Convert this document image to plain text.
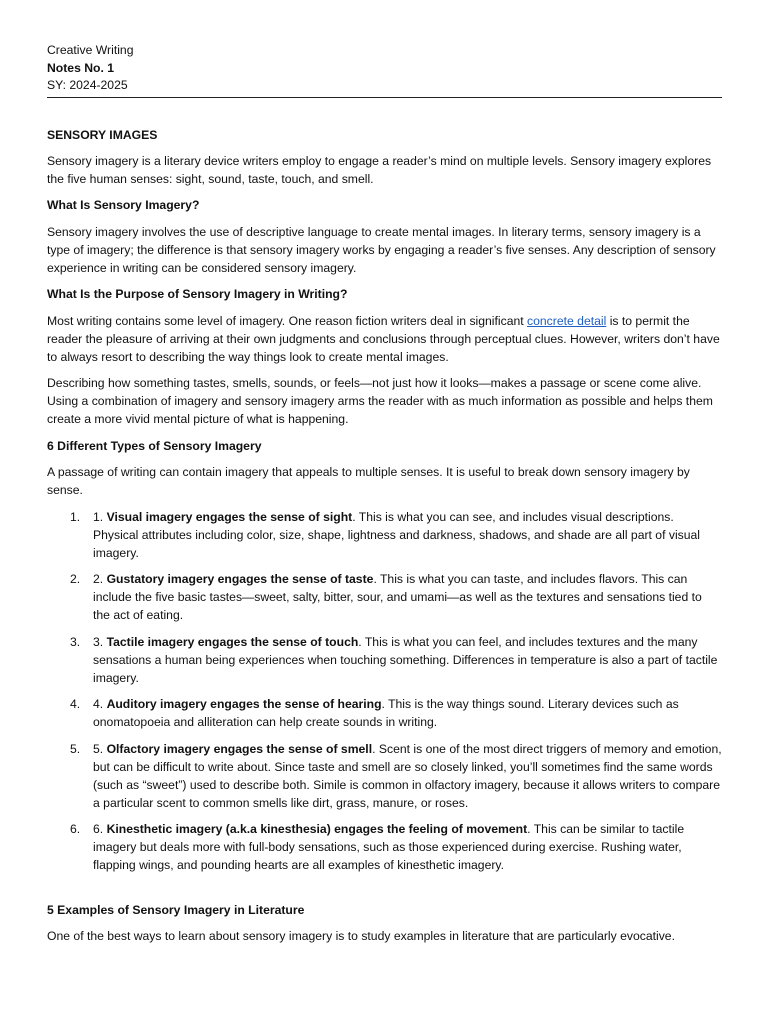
Creative Writing

Notes No. 1

SY: 2024-2025

SENSORY IMAGES

Sensory imagery is a literary device writers employ to engage a reader’s mind on multiple levels. Sensory imagery explores the five human senses: sight, sound, taste, touch, and smell.

What Is Sensory Imagery?

Sensory imagery involves the use of descriptive language to create mental images. In literary terms, sensory imagery is a type of imagery; the difference is that sensory imagery works by engaging a reader’s five senses. Any description of sensory experience in writing can be considered sensory imagery.

What Is the Purpose of Sensory Imagery in Writing?

Most writing contains some level of imagery. One reason fiction writers deal in significant concrete detail is to permit the reader the pleasure of arriving at their own judgments and conclusions through perceptual clues. However, writers don’t have to always resort to describing the way things look to create mental images.

Describing how something tastes, smells, sounds, or feels—not just how it looks—makes a passage or scene come alive. Using a combination of imagery and sensory imagery arms the reader with as much information as possible and helps them create a more vivid mental picture of what is happening.

6 Different Types of Sensory Imagery

A passage of writing can contain imagery that appeals to multiple senses. It is useful to break down sensory imagery by sense.

1. 1. Visual imagery engages the sense of sight. This is what you can see, and includes visual descriptions. Physical attributes including color, size, shape, lightness and darkness, shadows, and shade are all part of visual imagery.
2. 2. Gustatory imagery engages the sense of taste. This is what you can taste, and includes flavors. This can include the five basic tastes—sweet, salty, bitter, sour, and umami—as well as the textures and sensations tied to the act of eating.
3. 3. Tactile imagery engages the sense of touch. This is what you can feel, and includes textures and the many sensations a human being experiences when touching something. Differences in temperature is also a part of tactile imagery.
4. 4. Auditory imagery engages the sense of hearing. This is the way things sound. Literary devices such as onomatopoeia and alliteration can help create sounds in writing.
5. 5. Olfactory imagery engages the sense of smell. Scent is one of the most direct triggers of memory and emotion, but can be difficult to write about. Since taste and smell are so closely linked, you’ll sometimes find the same words (such as “sweet”) used to describe both. Simile is common in olfactory imagery, because it allows writers to compare a particular scent to common smells like dirt, grass, manure, or roses.
6. 6. Kinesthetic imagery (a.k.a kinesthesia) engages the feeling of movement. This can be similar to tactile imagery but deals more with full-body sensations, such as those experienced during exercise. Rushing water, flapping wings, and pounding hearts are all examples of kinesthetic imagery.
5 Examples of Sensory Imagery in Literature

One of the best ways to learn about sensory imagery is to study examples in literature that are particularly evocative.
